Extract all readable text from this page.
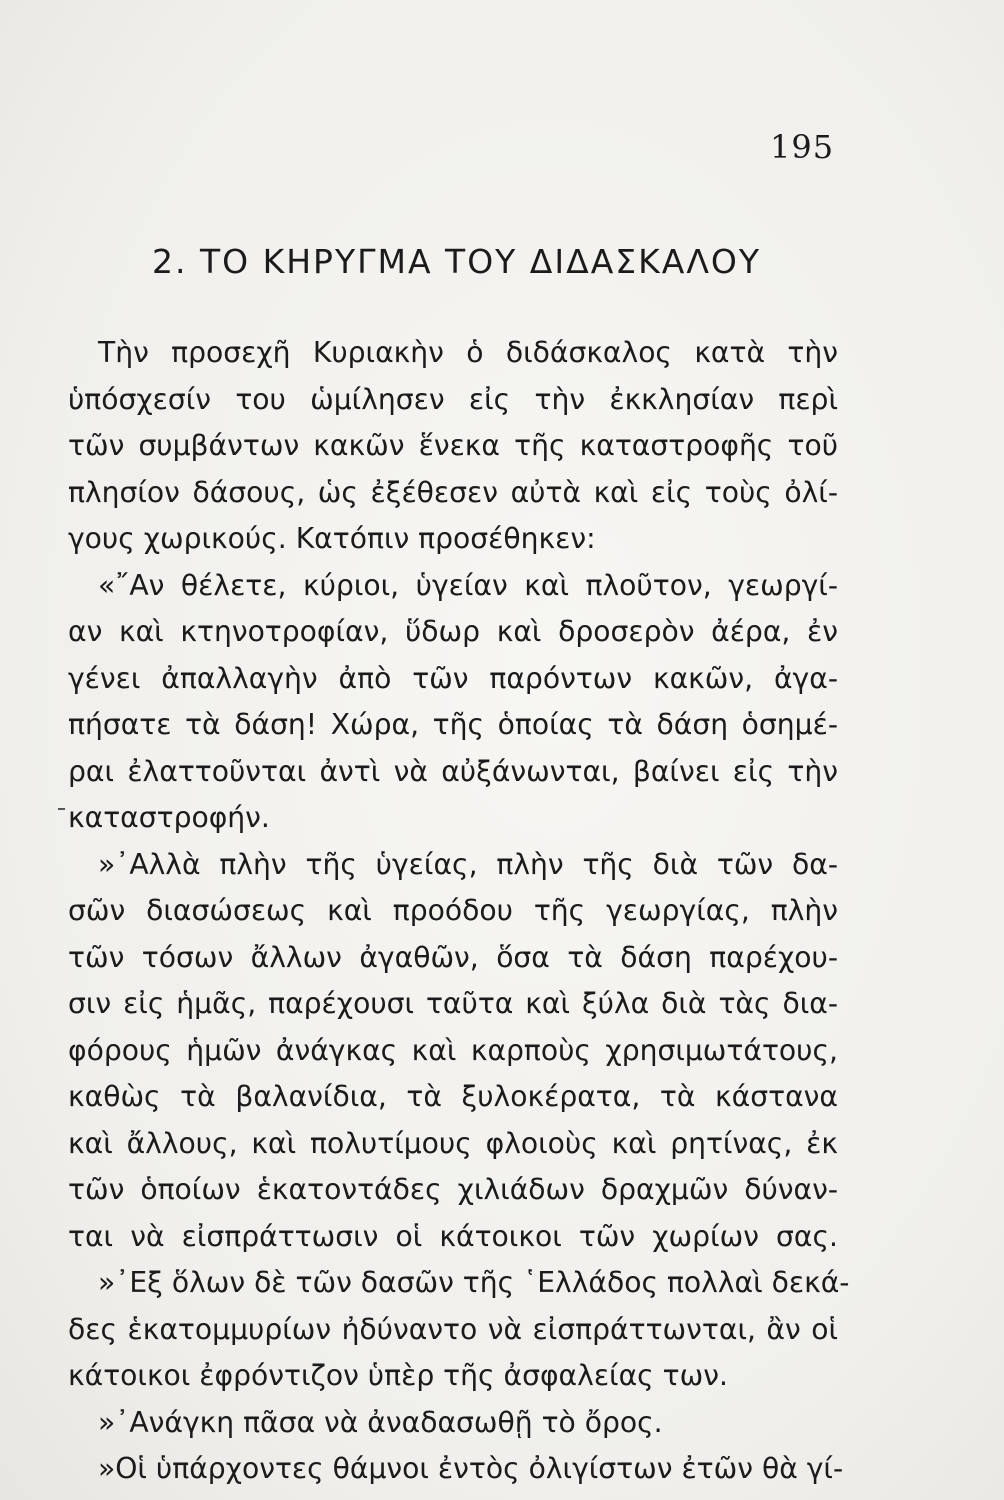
195
2. ΤΟ ΚΗΡΥΓΜΑ ΤΟΥ ΔΙΔΑΣΚΑΛΟΥ
Τὴν προσεχῆ Κυριακὴν ὁ διδάσκαλος κατὰ τὴν
ὑπόσχεσίν του ὡμίλησεν εἰς τὴν ἐκκλησίαν περὶ
τῶν συμβάντων κακῶν ἕνεκα τῆς καταστροφῆς τοῦ
πλησίον δάσους, ὡς ἐξέθεσεν αὐτὰ καὶ εἰς τοὺς ὀλί-
γους χωρικούς. Κατόπιν προσέθηκεν:
«῎Αν θέλετε, κύριοι, ὑγείαν καὶ πλοῦτον, γεωργί-
αν καὶ κτηνοτροφίαν, ὕδωρ καὶ δροσερὸν ἀέρα, ἐν
γένει ἀπαλλαγὴν ἀπὸ τῶν παρόντων κακῶν, ἀγα-
πήσατε τὰ δάση! Χώρα, τῆς ὁποίας τὰ δάση ὁσημέ-
ραι ἐλαττοῦνται ἀντὶ νὰ αὐξάνωνται, βαίνει εἰς τὴν
καταστροφήν.
»᾿Αλλὰ πλὴν τῆς ὑγείας, πλὴν τῆς διὰ τῶν δα-
σῶν διασώσεως καὶ προόδου τῆς γεωργίας, πλὴν
τῶν τόσων ἄλλων ἀγαθῶν, ὅσα τὰ δάση παρέχου-
σιν εἰς ἡμᾶς, παρέχουσι ταῦτα καὶ ξύλα διὰ τὰς δια-
φόρους ἡμῶν ἀνάγκας καὶ καρποὺς χρησιμωτάτους,
καθὼς τὰ βαλανίδια, τὰ ξυλοκέρατα, τὰ κάστανα
καὶ ἄλλους, καὶ πολυτίμους φλοιοὺς καὶ ρητίνας, ἐκ
τῶν ὁποίων ἑκατοντάδες χιλιάδων δραχμῶν δύναν-
ται νὰ εἰσπράττωσιν οἱ κάτοικοι τῶν χωρίων σας.
»᾿Εξ ὅλων δὲ τῶν δασῶν τῆς ῾Ελλάδος πολλαὶ δεκά-
δες ἑκατομμυρίων ἠδύναντο νὰ εἰσπράττωνται, ἂν οἱ
κάτοικοι ἐφρόντιζον ὑπὲρ τῆς ἀσφαλείας των.
»᾿Ανάγκη πᾶσα νὰ ἀναδασωθῇ τὸ ὄρος.
»Οἱ ὑπάρχοντες θάμνοι ἐντὸς ὀλιγίστων ἐτῶν θὰ γί-
